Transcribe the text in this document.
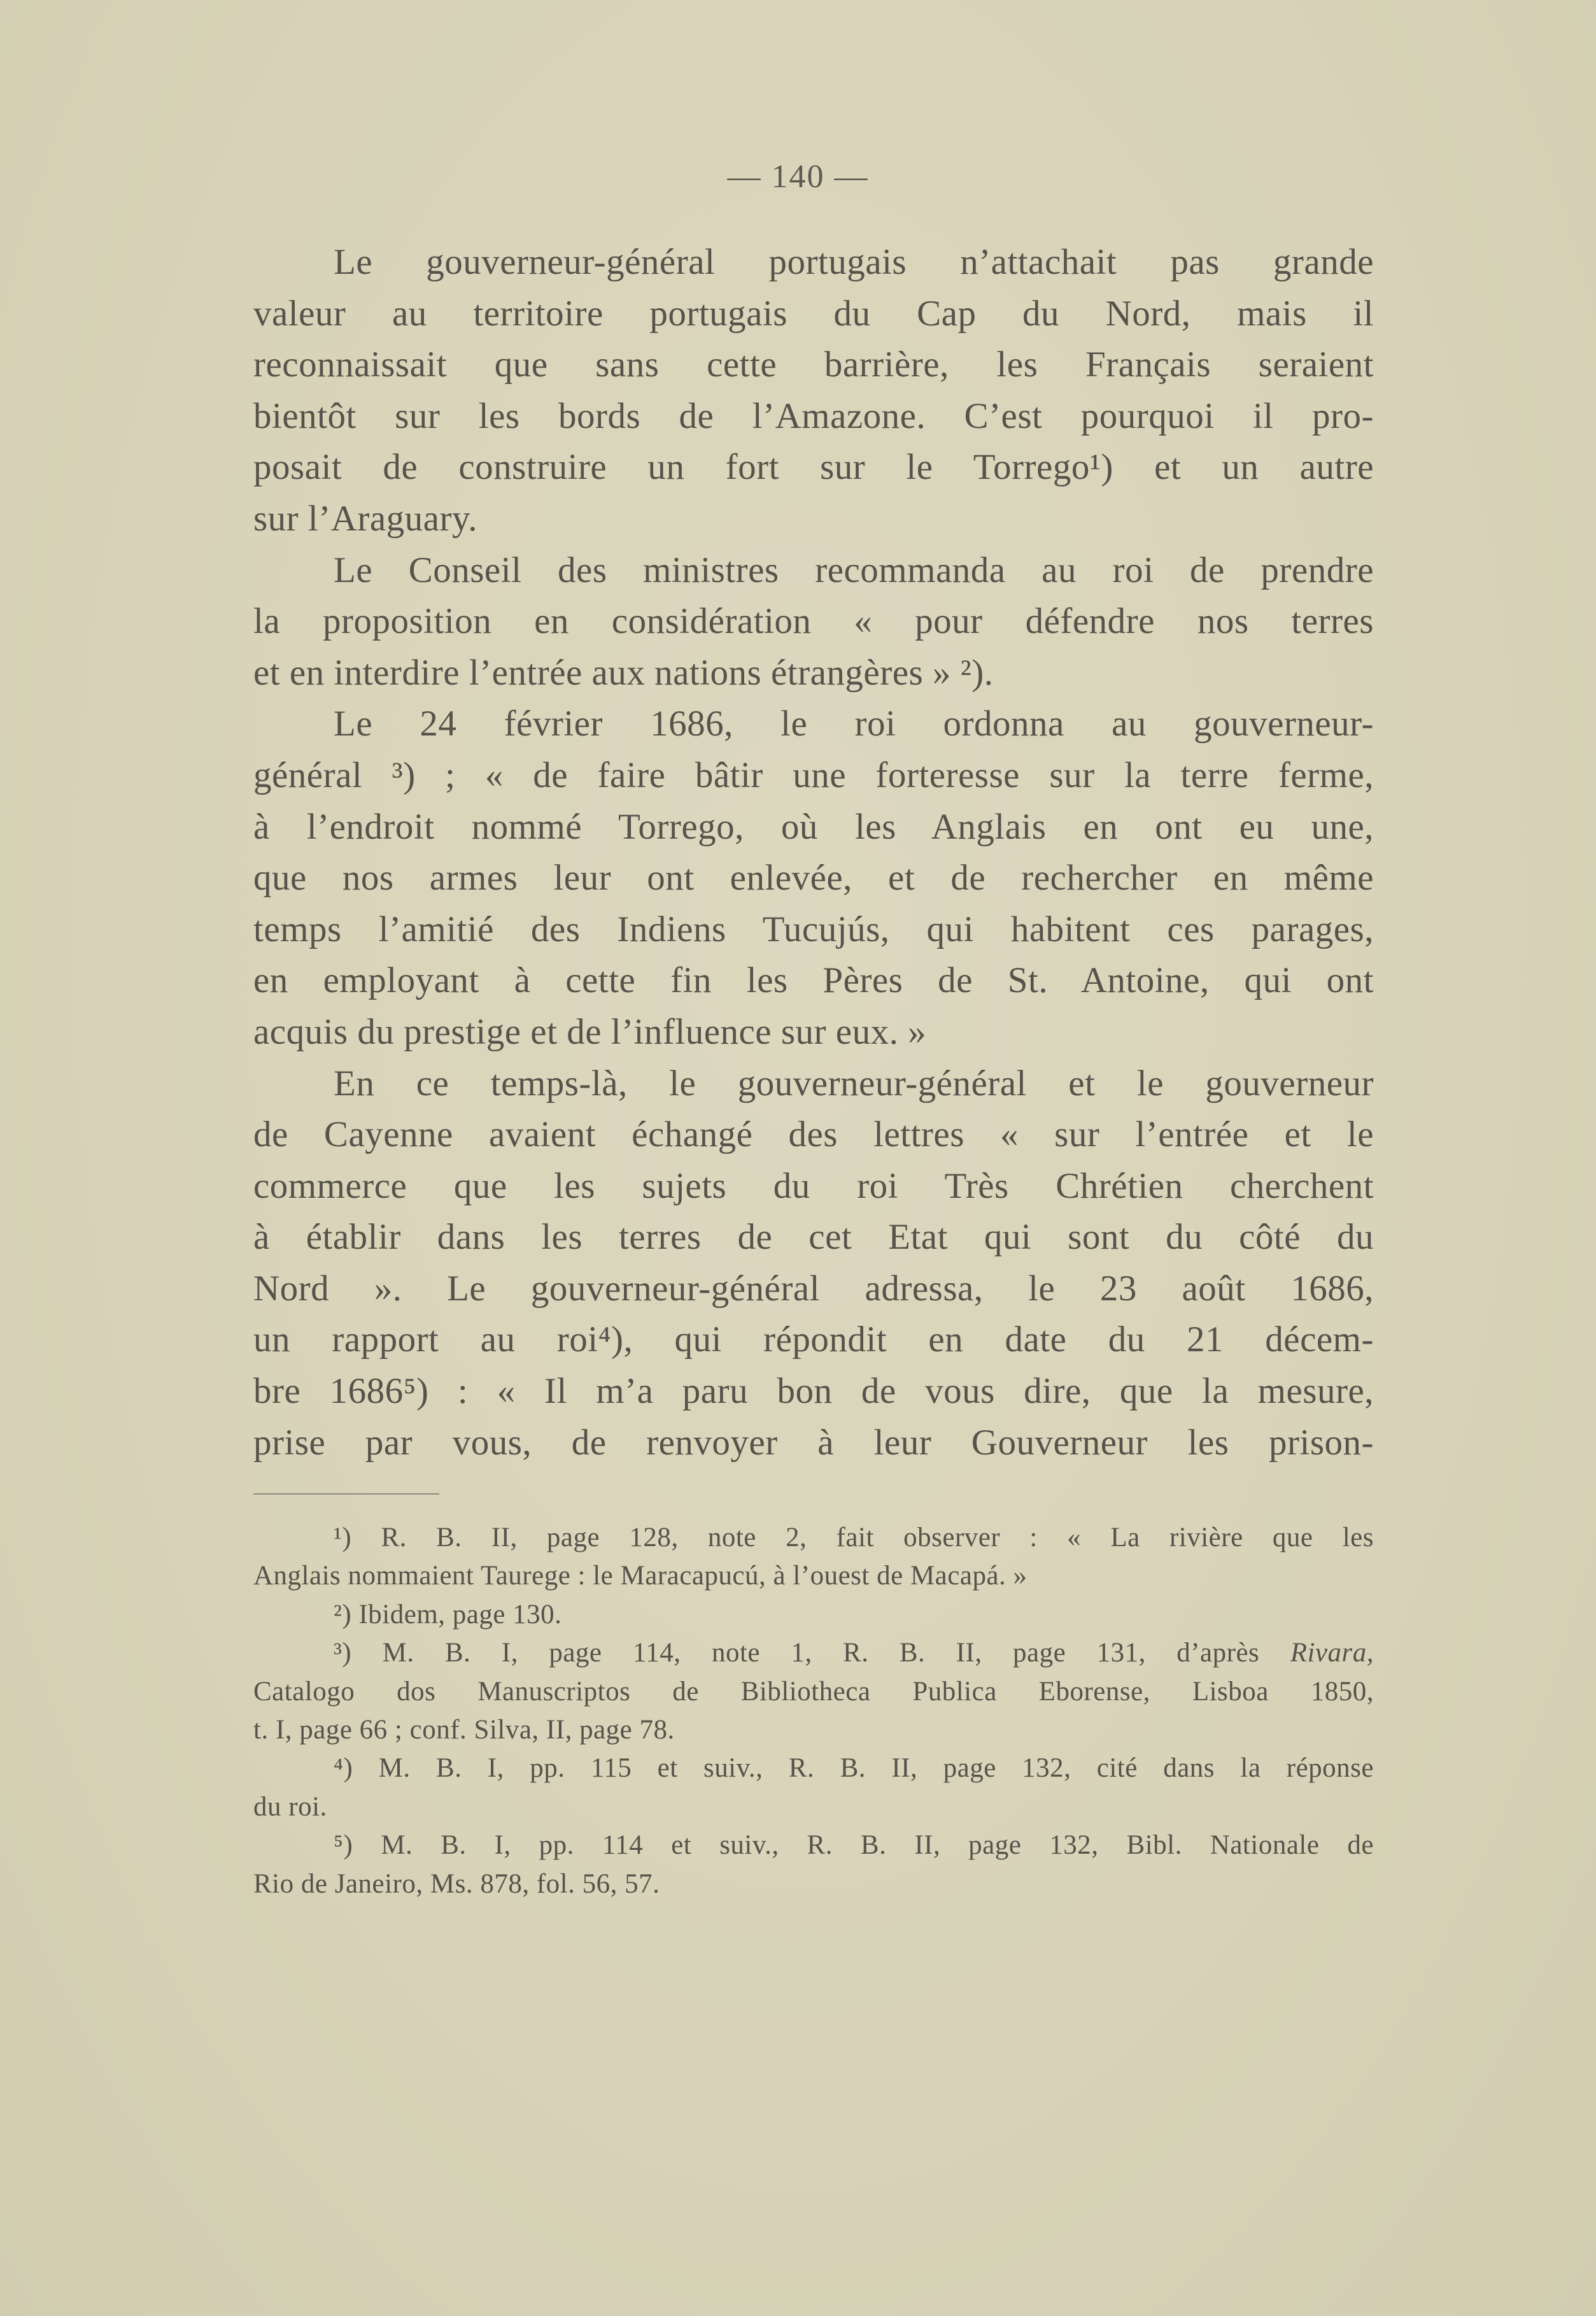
— 140 —
Le gouverneur-général portugais n’attachait pas grande
valeur au territoire portugais du Cap du Nord, mais il
reconnaissait que sans cette barrière, les Français seraient
bientôt sur les bords de l’Amazone. C’est pourquoi il pro-
posait de construire un fort sur le Torrego¹) et un autre
sur l’Araguary.
Le Conseil des ministres recommanda au roi de prendre
la proposition en considération « pour défendre nos terres
et en interdire l’entrée aux nations étrangères » ²).
Le 24 février 1686, le roi ordonna au gouverneur-
général ³) ; « de faire bâtir une forteresse sur la terre ferme,
à l’endroit nommé Torrego, où les Anglais en ont eu une,
que nos armes leur ont enlevée, et de rechercher en même
temps l’amitié des Indiens Tucujús, qui habitent ces parages,
en employant à cette fin les Pères de St. Antoine, qui ont
acquis du prestige et de l’influence sur eux. »
En ce temps-là, le gouverneur-général et le gouverneur
de Cayenne avaient échangé des lettres « sur l’entrée et le
commerce que les sujets du roi Très Chrétien cherchent
à établir dans les terres de cet Etat qui sont du côté du
Nord ». Le gouverneur-général adressa, le 23 août 1686,
un rapport au roi⁴), qui répondit en date du 21 décem-
bre 1686⁵) : « Il m’a paru bon de vous dire, que la mesure,
prise par vous, de renvoyer à leur Gouverneur les prison-
¹) R. B. II, page 128, note 2, fait observer : « La rivière que les
Anglais nommaient Taurege : le Maracapucú, à l’ouest de Macapá. »
²) Ibidem, page 130.
³) M. B. I, page 114, note 1, R. B. II, page 131, d’après Rivara,
Catalogo dos Manuscriptos de Bibliotheca Publica Eborense, Lisboa 1850,
t. I, page 66 ; conf. Silva, II, page 78.
⁴) M. B. I, pp. 115 et suiv., R. B. II, page 132, cité dans la réponse
du roi.
⁵) M. B. I, pp. 114 et suiv., R. B. II, page 132, Bibl. Nationale de
Rio de Janeiro, Ms. 878, fol. 56, 57.
